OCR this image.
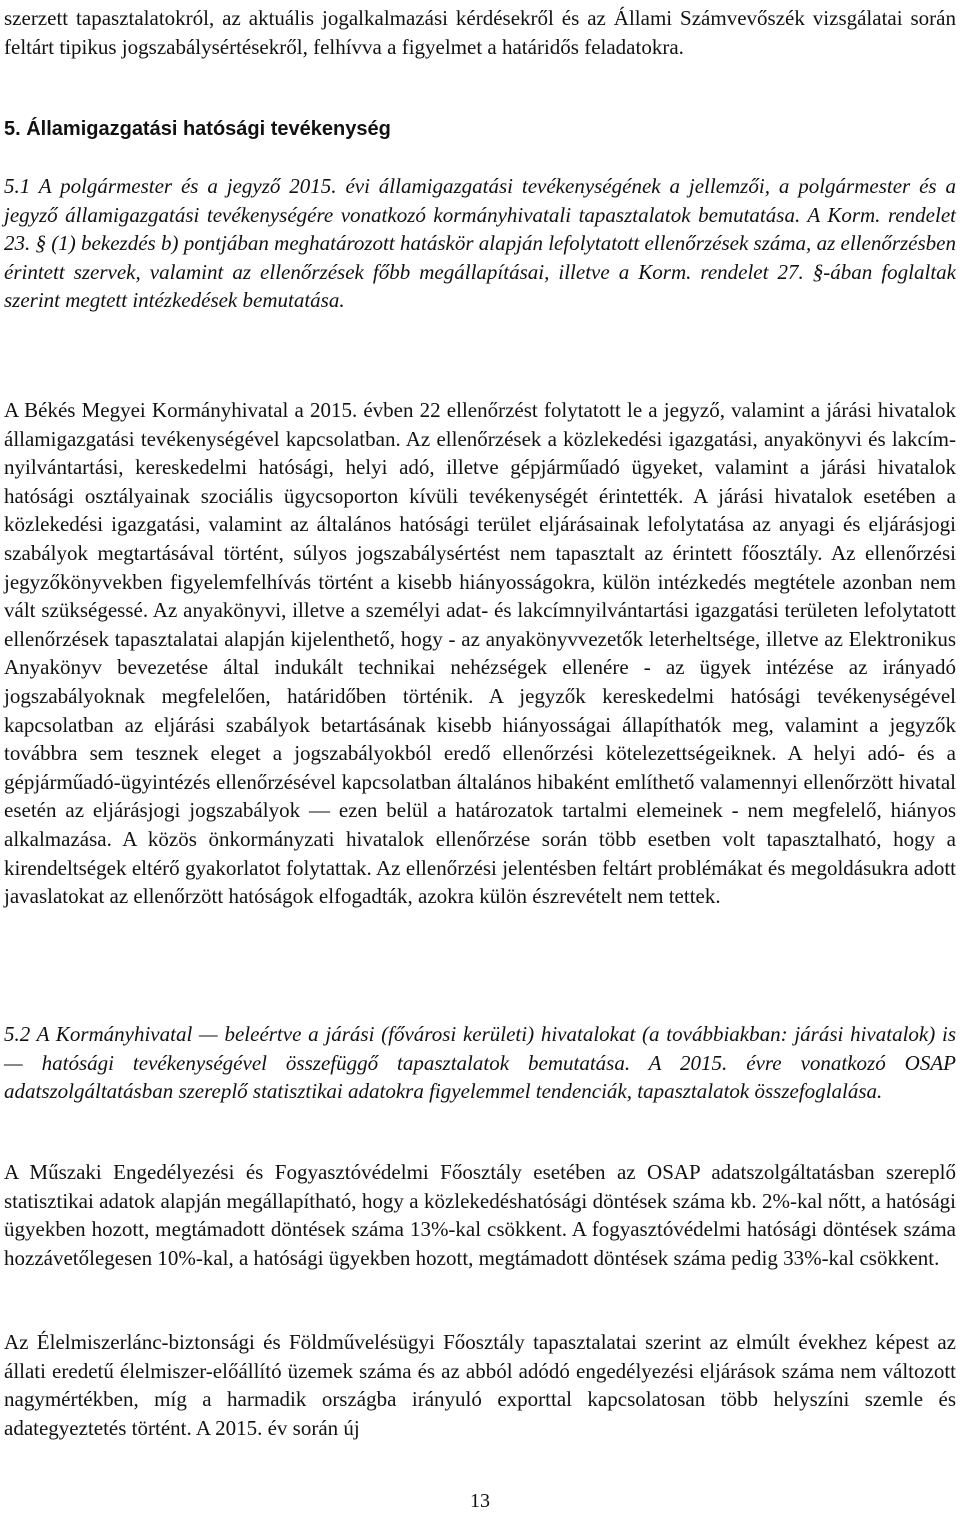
szerzett tapasztalatokról, az aktuális jogalkalmazási kérdésekről és az Állami Számvevőszék vizsgálatai során feltárt tipikus jogszabálysértésekről, felhívva a figyelmet a határidős feladatokra.

5. Államigazgatási hatósági tevékenység

5.1 A polgármester és a jegyző 2015. évi államigazgatási tevékenységének a jellemzői, a polgármester és a jegyző államigazgatási tevékenységére vonatkozó kormányhivatali tapasztalatok bemutatása. A Korm. rendelet 23. § (1) bekezdés b) pontjában meghatározott hatáskör alapján lefolytatott ellenőrzések száma, az ellenőrzésben érintett szervek, valamint az ellenőrzések főbb megállapításai, illetve a Korm. rendelet 27. §-ában foglaltak szerint megtett intézkedések bemutatása.

A Békés Megyei Kormányhivatal a 2015. évben 22 ellenőrzést folytatott le a jegyző, valamint a járási hivatalok államigazgatási tevékenységével kapcsolatban. Az ellenőrzések a közlekedési igazgatási, anyakönyvi és lakcím-nyilvántartási, kereskedelmi hatósági, helyi adó, illetve gépjárműadó ügyeket, valamint a járási hivatalok hatósági osztályainak szociális ügycsoporton kívüli tevékenységét érintették. A járási hivatalok esetében a közlekedési igazgatási, valamint az általános hatósági terület eljárásainak lefolytatása az anyagi és eljárásjogi szabályok megtartásával történt, súlyos jogszabálysértést nem tapasztalt az érintett főosztály. Az ellenőrzési jegyzőkönyvekben figyelemfelhívás történt a kisebb hiányosságokra, külön intézkedés megtétele azonban nem vált szükségessé. Az anyakönyvi, illetve a személyi adat- és lakcímnyilvántartási igazgatási területen lefolytatott ellenőrzések tapasztalatai alapján kijelenthető, hogy - az anyakönyvvezetők leterheltsége, illetve az Elektronikus Anyakönyv bevezetése által indukált technikai nehézségek ellenére - az ügyek intézése az irányadó jogszabályoknak megfelelően, határidőben történik. A jegyzők kereskedelmi hatósági tevékenységével kapcsolatban az eljárási szabályok betartásának kisebb hiányosságai állapíthatók meg, valamint a jegyzők továbbra sem tesznek eleget a jogszabályokból eredő ellenőrzési kötelezettségeiknek. A helyi adó- és a gépjárműadó-ügyintézés ellenőrzésével kapcsolatban általános hibaként említhető valamennyi ellenőrzött hivatal esetén az eljárásjogi jogszabályok — ezen belül a határozatok tartalmi elemeinek - nem megfelelő, hiányos alkalmazása. A közös önkormányzati hivatalok ellenőrzése során több esetben volt tapasztalható, hogy a kirendeltségek eltérő gyakorlatot folytattak. Az ellenőrzési jelentésben feltárt problémákat és megoldásukra adott javaslatokat az ellenőrzött hatóságok elfogadták, azokra külön észrevételt nem tettek.

5.2 A Kormányhivatal — beleértve a járási (fővárosi kerületi) hivatalokat (a továbbiakban: járási hivatalok) is — hatósági tevékenységével összefüggő tapasztalatok bemutatása. A 2015. évre vonatkozó OSAP adatszolgáltatásban szereplő statisztikai adatokra figyelemmel tendenciák, tapasztalatok összefoglalása.

A Műszaki Engedélyezési és Fogyasztóvédelmi Főosztály esetében az OSAP adatszolgáltatásban szereplő statisztikai adatok alapján megállapítható, hogy a közlekedéshatósági döntések száma kb. 2%-kal nőtt, a hatósági ügyekben hozott, megtámadott döntések száma 13%-kal csökkent. A fogyasztóvédelmi hatósági döntések száma hozzávetőlegesen 10%-kal, a hatósági ügyekben hozott, megtámadott döntések száma pedig 33%-kal csökkent.

Az Élelmiszerlánc-biztonsági és Földművelésügyi Főosztály tapasztalatai szerint az elmúlt évekhez képest az állati eredetű élelmiszer-előállító üzemek száma és az abból adódó engedélyezési eljárások száma nem változott nagymértékben, míg a harmadik országba irányuló exporttal kapcsolatosan több helyszíni szemle és adategyeztetés történt. A 2015. év során új

13
